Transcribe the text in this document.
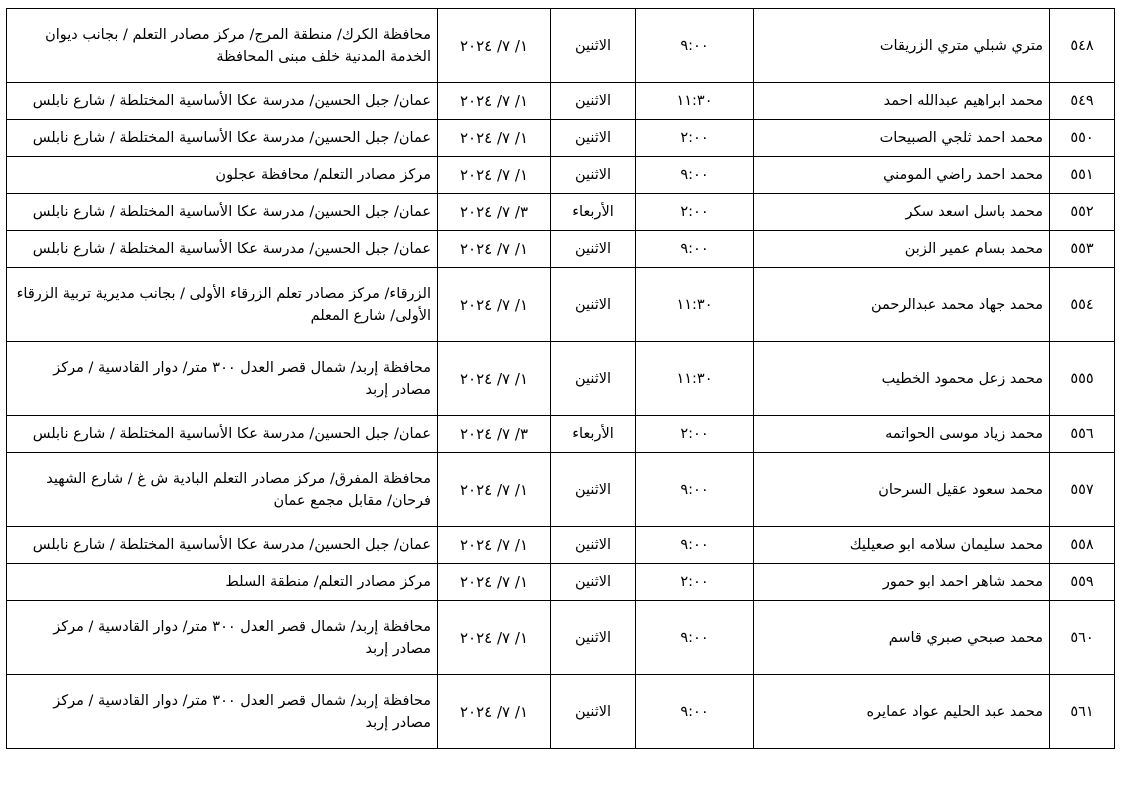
٥٤٨	متري شبلي متري الزريقات	٩:٠٠	الاثنين	١/ ٧/ ٢٠٢٤	محافظة الكرك/ منطقة المرج/ مركز مصادر التعلم / بجانب ديوان الخدمة المدنية خلف مبنى المحافظة
٥٤٩	محمد ابراهيم عبدالله احمد	١١:٣٠	الاثنين	١/ ٧/ ٢٠٢٤	عمان/ جبل الحسين/ مدرسة عكا الأساسية المختلطة / شارع نابلس
٥٥٠	محمد احمد ثلجي الصبيحات	٢:٠٠	الاثنين	١/ ٧/ ٢٠٢٤	عمان/ جبل الحسين/ مدرسة عكا الأساسية المختلطة / شارع نابلس
٥٥١	محمد احمد راضي المومني	٩:٠٠	الاثنين	١/ ٧/ ٢٠٢٤	مركز مصادر التعلم/ محافظة عجلون
٥٥٢	محمد باسل اسعد سكر	٢:٠٠	الأربعاء	٣/ ٧/ ٢٠٢٤	عمان/ جبل الحسين/ مدرسة عكا الأساسية المختلطة / شارع نابلس
٥٥٣	محمد بسام عمير الزبن	٩:٠٠	الاثنين	١/ ٧/ ٢٠٢٤	عمان/ جبل الحسين/ مدرسة عكا الأساسية المختلطة / شارع نابلس
٥٥٤	محمد جهاد محمد عبدالرحمن	١١:٣٠	الاثنين	١/ ٧/ ٢٠٢٤	الزرقاء/ مركز مصادر تعلم الزرقاء الأولى / بجانب مديرية تربية الزرقاء الأولى/ شارع المعلم
٥٥٥	محمد زعل محمود الخطيب	١١:٣٠	الاثنين	١/ ٧/ ٢٠٢٤	محافظة إربد/ شمال قصر العدل ٣٠٠ متر/ دوار القادسية / مركز مصادر إربد
٥٥٦	محمد زياد موسى الحواتمه	٢:٠٠	الأربعاء	٣/ ٧/ ٢٠٢٤	عمان/ جبل الحسين/ مدرسة عكا الأساسية المختلطة / شارع نابلس
٥٥٧	محمد سعود عقيل السرحان	٩:٠٠	الاثنين	١/ ٧/ ٢٠٢٤	محافظة المفرق/ مركز مصادر التعلم البادية ش غ / شارع الشهيد فرحان/ مقابل مجمع عمان
٥٥٨	محمد سليمان سلامه ابو صعيليك	٩:٠٠	الاثنين	١/ ٧/ ٢٠٢٤	عمان/ جبل الحسين/ مدرسة عكا الأساسية المختلطة / شارع نابلس
٥٥٩	محمد شاهر احمد ابو حمور	٢:٠٠	الاثنين	١/ ٧/ ٢٠٢٤	مركز مصادر التعلم/ منطقة السلط
٥٦٠	محمد صبحي صبري قاسم	٩:٠٠	الاثنين	١/ ٧/ ٢٠٢٤	محافظة إربد/ شمال قصر العدل ٣٠٠ متر/ دوار القادسية / مركز مصادر إربد
٥٦١	محمد عبد الحليم عواد عمايره	٩:٠٠	الاثنين	١/ ٧/ ٢٠٢٤	محافظة إربد/ شمال قصر العدل ٣٠٠ متر/ دوار القادسية / مركز مصادر إربد
